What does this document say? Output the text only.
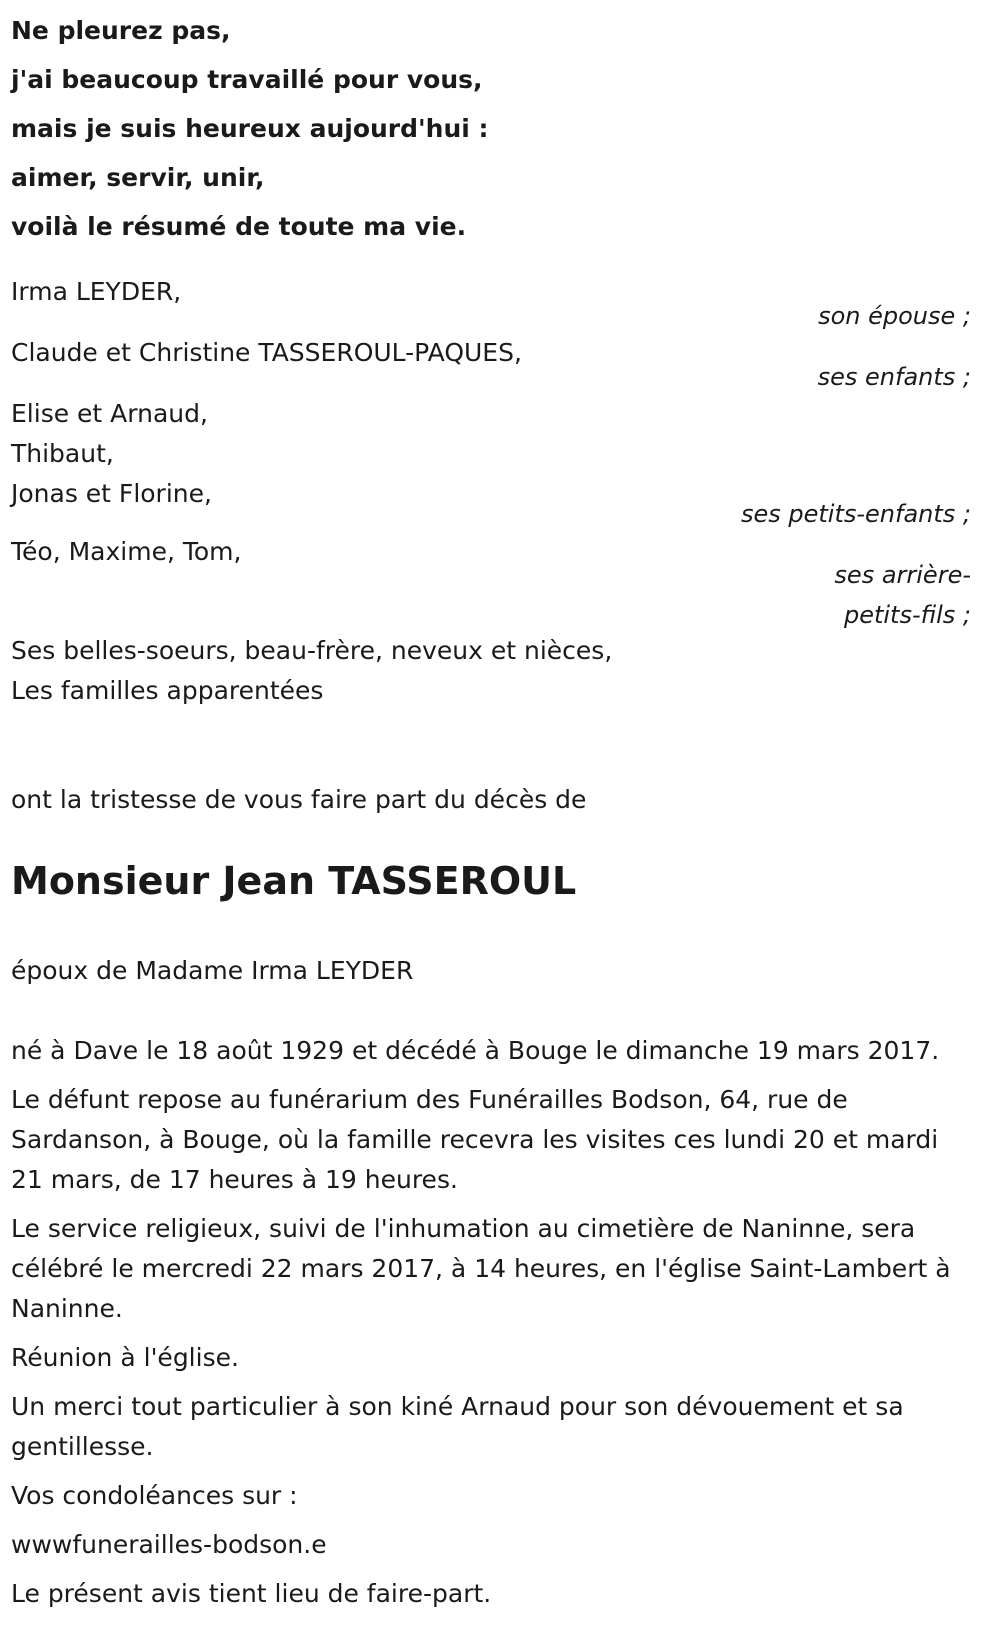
Ne pleurez pas,
j'ai beaucoup travaillé pour vous,
mais je suis heureux aujourd'hui :
aimer, servir, unir,
voilà le résumé de toute ma vie.
Irma LEYDER,
son épouse ;
Claude et Christine TASSEROUL-PAQUES,
ses enfants ;
Elise et Arnaud,
Thibaut,
Jonas et Florine,
ses petits-enfants ;
Téo, Maxime, Tom,
ses arrière-
petits-fils ;
Ses belles-soeurs, beau-frère, neveux et nièces,
Les familles apparentées
ont la tristesse de vous faire part du décès de
Monsieur Jean TASSEROUL
époux de Madame Irma LEYDER

né à Dave le 18 août 1929 et décédé à Bouge le dimanche 19 mars 2017.

Le défunt repose au funérarium des Funérailles Bodson, 64, rue de Sardanson, à Bouge, où la famille recevra les visites ces lundi 20 et mardi 21 mars, de 17 heures à 19 heures.

Le service religieux, suivi de l'inhumation au cimetière de Naninne, sera célébré le mercredi 22 mars 2017, à 14 heures, en l'église Saint-Lambert à Naninne.

Réunion à l'église.

Un merci tout particulier à son kiné Arnaud pour son dévouement et sa gentillesse.

Vos condoléances sur :

wwwfunerailles-bodson.e

Le présent avis tient lieu de faire-part.
